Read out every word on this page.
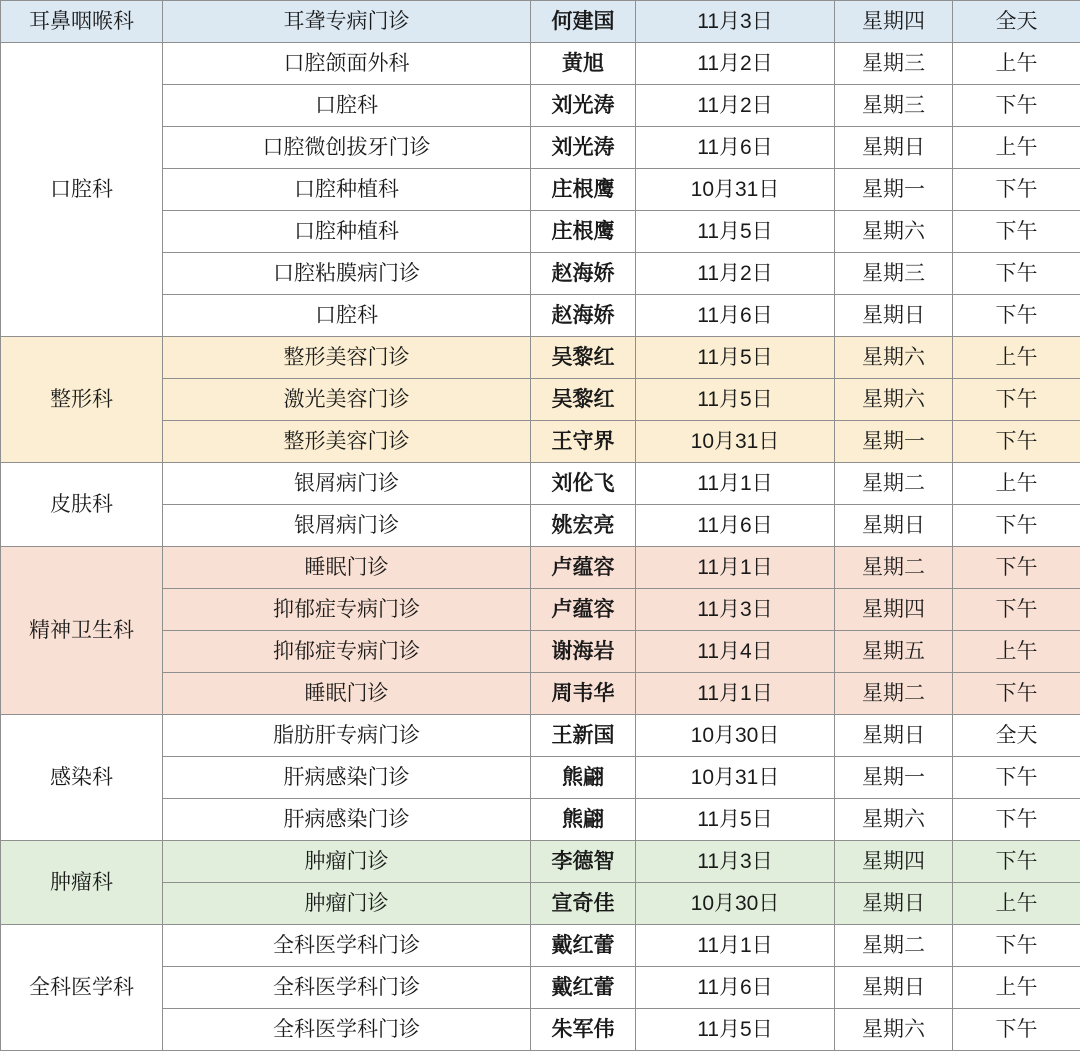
耳鼻咽喉科	耳聋专病门诊	何建国	11月3日	星期四	全天
口腔科	口腔颌面外科	黄旭	11月2日	星期三	上午
	口腔科	刘光涛	11月2日	星期三	下午
	口腔微创拔牙门诊	刘光涛	11月6日	星期日	上午
	口腔种植科	庄根鹰	10月31日	星期一	下午
	口腔种植科	庄根鹰	11月5日	星期六	下午
	口腔粘膜病门诊	赵海娇	11月2日	星期三	下午
	口腔科	赵海娇	11月6日	星期日	下午
整形科	整形美容门诊	吴黎红	11月5日	星期六	上午
	激光美容门诊	吴黎红	11月5日	星期六	下午
	整形美容门诊	王守界	10月31日	星期一	下午
皮肤科	银屑病门诊	刘伦飞	11月1日	星期二	上午
	银屑病门诊	姚宏亮	11月6日	星期日	下午
精神卫生科	睡眠门诊	卢蕴容	11月1日	星期二	下午
	抑郁症专病门诊	卢蕴容	11月3日	星期四	下午
	抑郁症专病门诊	谢海岩	11月4日	星期五	上午
	睡眠门诊	周韦华	11月1日	星期二	下午
感染科	脂肪肝专病门诊	王新国	10月30日	星期日	全天
	肝病感染门诊	熊翩	10月31日	星期一	下午
	肝病感染门诊	熊翩	11月5日	星期六	下午
肿瘤科	肿瘤门诊	李德智	11月3日	星期四	下午
	肿瘤门诊	宣奇佳	10月30日	星期日	上午
全科医学科	全科医学科门诊	戴红蕾	11月1日	星期二	下午
	全科医学科门诊	戴红蕾	11月6日	星期日	上午
	全科医学科门诊	朱军伟	11月5日	星期六	下午
